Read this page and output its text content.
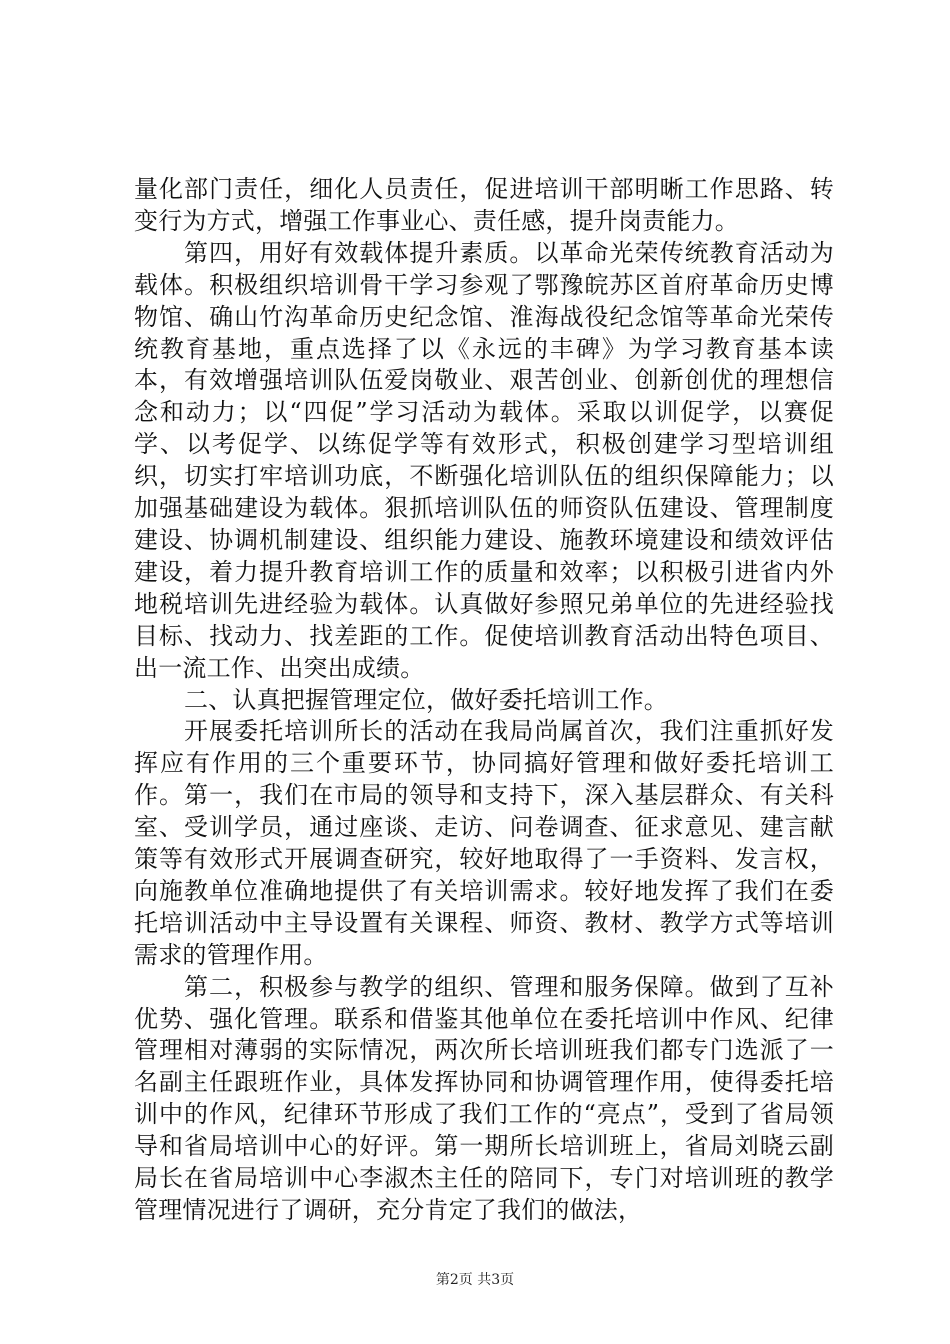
量化部门责任，细化人员责任，促进培训干部明晰工作思路、转变行为方式，增强工作事业心、责任感，提升岗责能力。

第四，用好有效载体提升素质。以革命光荣传统教育活动为载体。积极组织培训骨干学习参观了鄂豫皖苏区首府革命历史博物馆、确山竹沟革命历史纪念馆、淮海战役纪念馆等革命光荣传统教育基地，重点选择了以《永远的丰碑》为学习教育基本读本，有效增强培训队伍爱岗敬业、艰苦创业、创新创优的理想信念和动力；以“四促”学习活动为载体。采取以训促学，以赛促学、以考促学、以练促学等有效形式，积极创建学习型培训组织，切实打牢培训功底，不断强化培训队伍的组织保障能力；以加强基础建设为载体。狠抓培训队伍的师资队伍建设、管理制度建设、协调机制建设、组织能力建设、施教环境建设和绩效评估建设，着力提升教育培训工作的质量和效率；以积极引进省内外地税培训先进经验为载体。认真做好参照兄弟单位的先进经验找目标、找动力、找差距的工作。促使培训教育活动出特色项目、出一流工作、出突出成绩。

二、认真把握管理定位，做好委托培训工作。

开展委托培训所长的活动在我局尚属首次，我们注重抓好发挥应有作用的三个重要环节，协同搞好管理和做好委托培训工作。第一，我们在市局的领导和支持下，深入基层群众、有关科室、受训学员，通过座谈、走访、问卷调查、征求意见、建言献策等有效形式开展调查研究，较好地取得了一手资料、发言权，向施教单位准确地提供了有关培训需求。较好地发挥了我们在委托培训活动中主导设置有关课程、师资、教材、教学方式等培训需求的管理作用。

第二，积极参与教学的组织、管理和服务保障。做到了互补优势、强化管理。联系和借鉴其他单位在委托培训中作风、纪律管理相对薄弱的实际情况，两次所长培训班我们都专门选派了一名副主任跟班作业，具体发挥协同和协调管理作用，使得委托培训中的作风，纪律环节形成了我们工作的“亮点”，受到了省局领导和省局培训中心的好评。第一期所长培训班上，省局刘晓云副局长在省局培训中心李淑杰主任的陪同下，专门对培训班的教学管理情况进行了调研，充分肯定了我们的做法，

第2页 共3页
